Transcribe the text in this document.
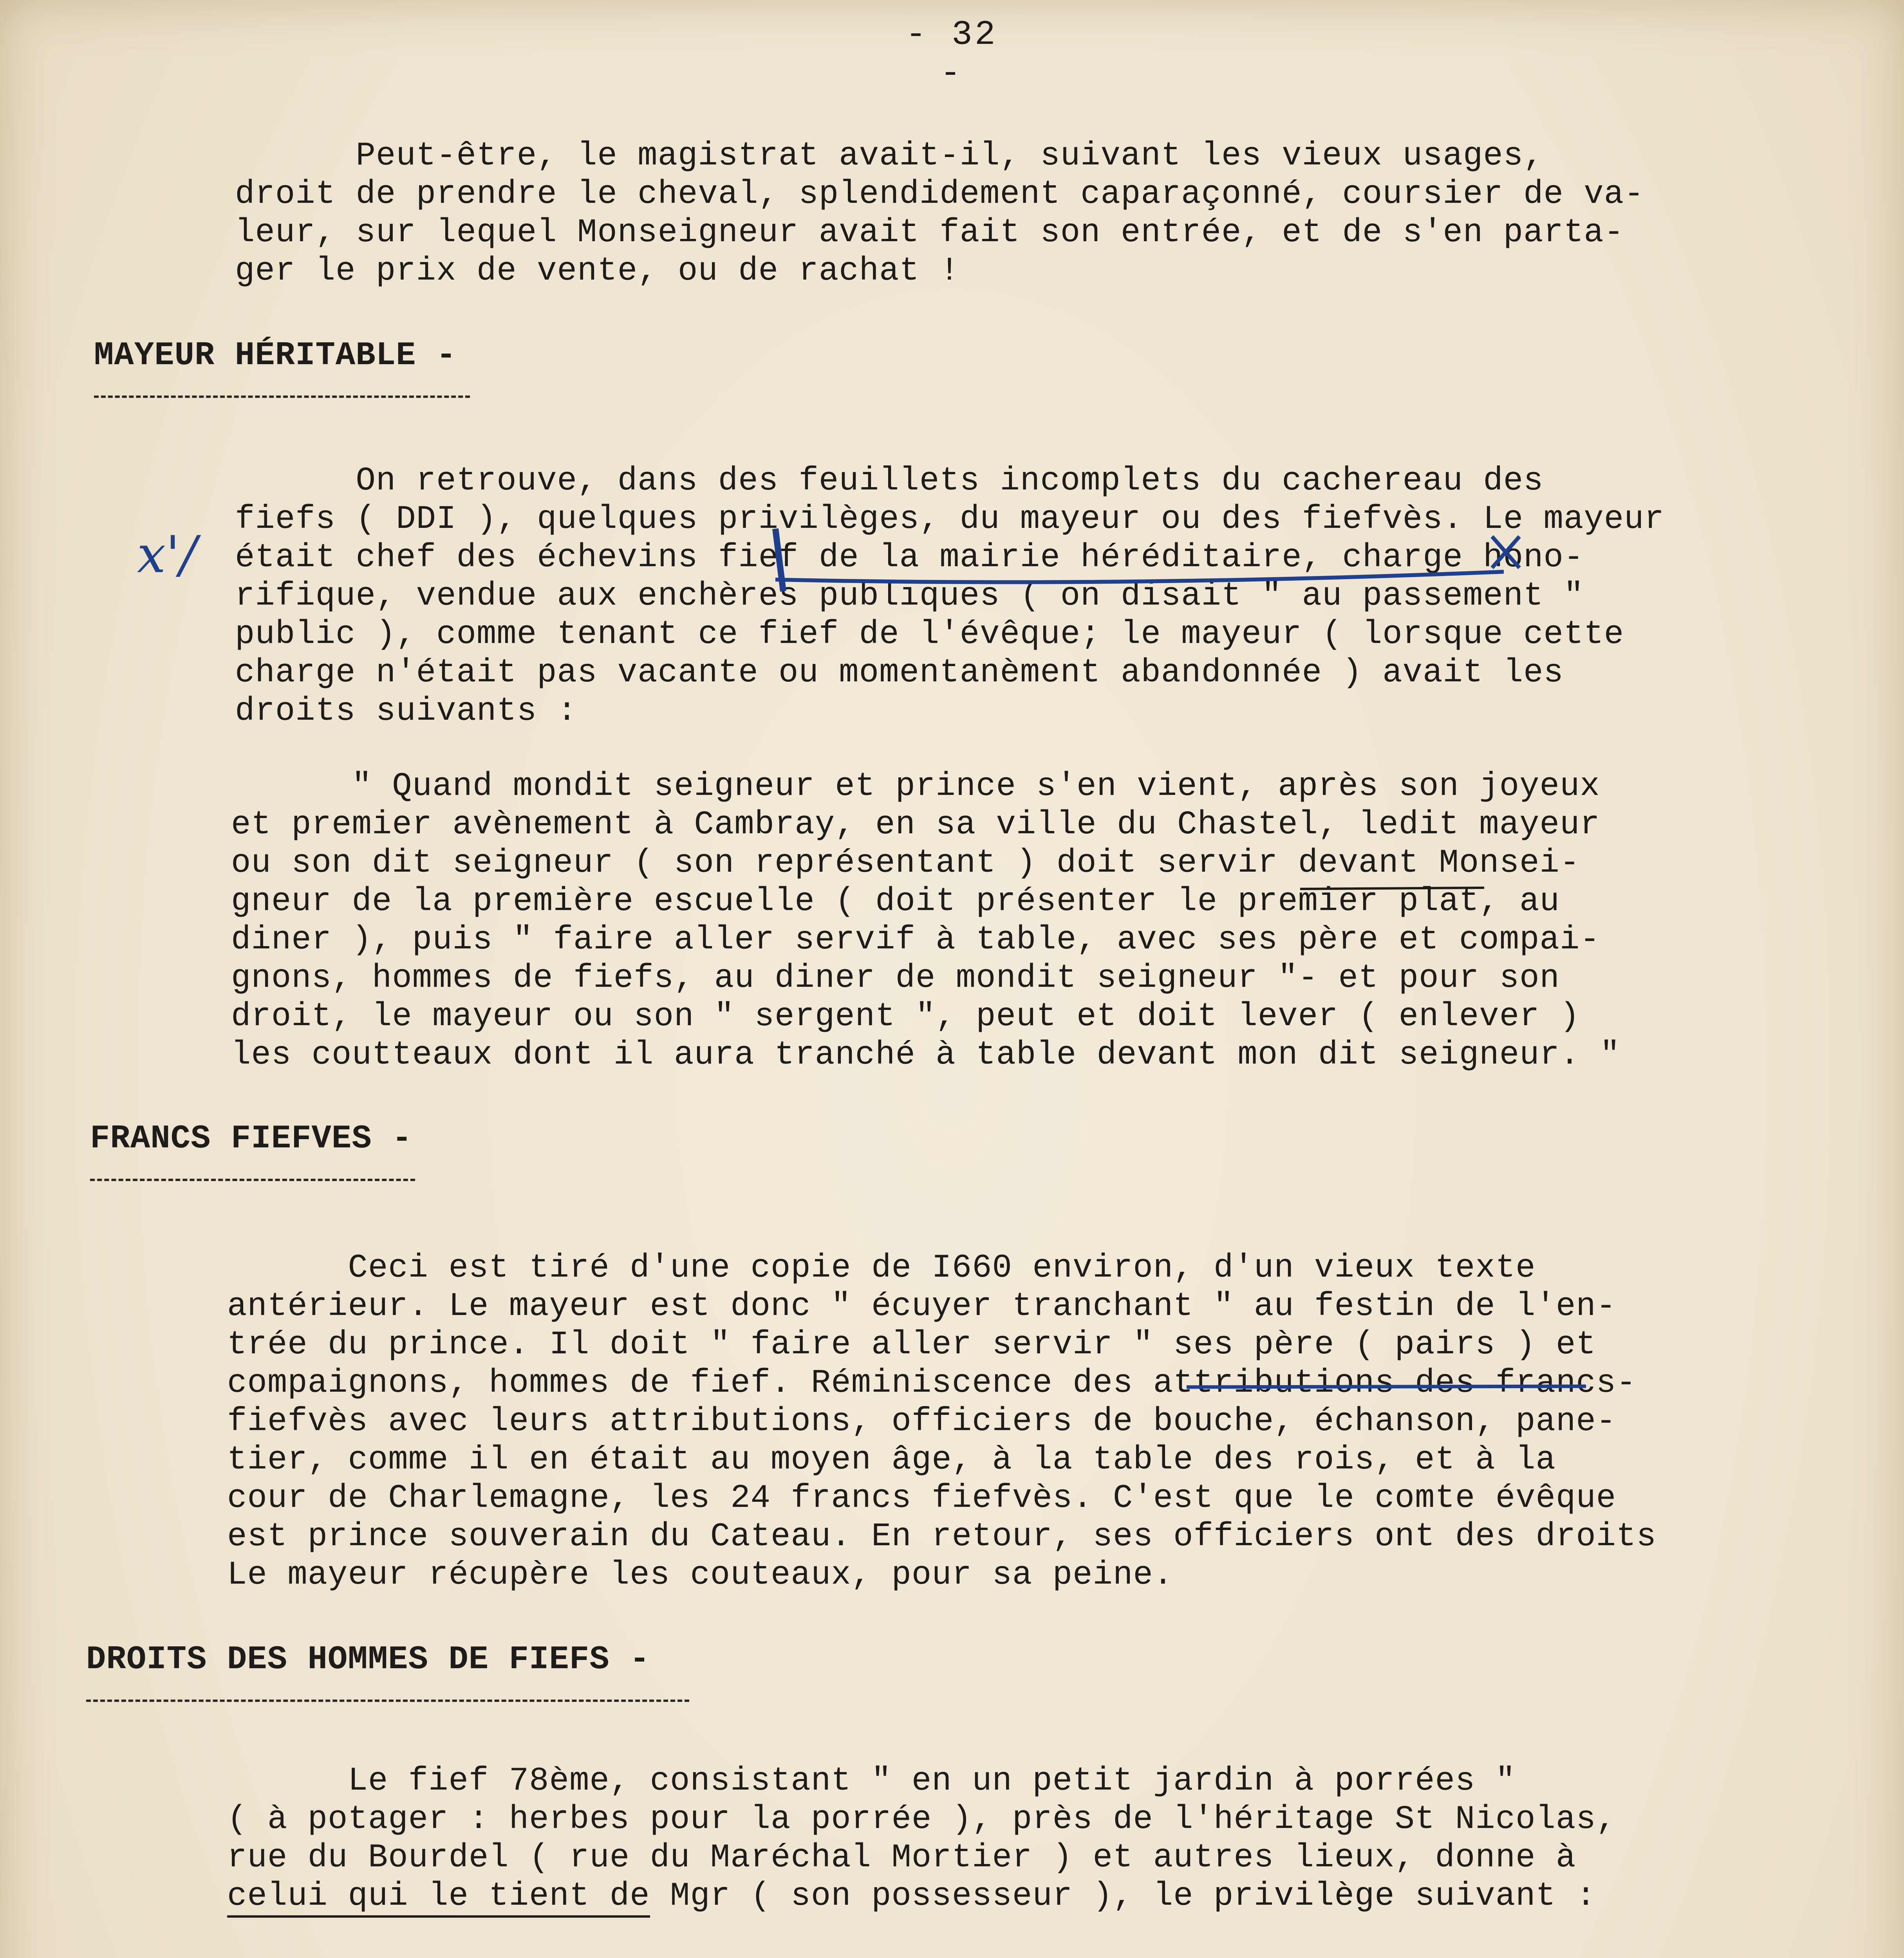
- 32 -

Peut-être, le magistrat avait-il, suivant les vieux usages,
droit de prendre le cheval, splendidement caparaçonné, coursier de va-
leur, sur lequel Monseigneur avait fait son entrée, et de s'en parta-
ger le prix de vente, ou de rachat !

MAYEUR HÉRITABLE -

x'/

On retrouve, dans des feuillets incomplets du cachereau des
fiefs ( DDI ), quelques privilèges, du mayeur ou des fiefvès. Le mayeur
était chef des échevins fief de la mairie héréditaire, charge hono-
rifique, vendue aux enchères publiques ( on disait " au passement "
public ), comme tenant ce fief de l'évêque; le mayeur ( lorsque cette
charge n'était pas vacante ou momentanèment abandonnée ) avait les
droits suivants :

" Quand mondit seigneur et prince s'en vient, après son joyeux
et premier avènement à Cambray, en sa ville du Chastel, ledit mayeur
ou son dit seigneur ( son représentant ) doit servir devant Monsei-
gneur de la première escuelle ( doit présenter le premier plat, au
diner ), puis " faire aller servif à table, avec ses père et compai-
gnons, hommes de fiefs, au diner de mondit seigneur "- et pour son
droit, le mayeur ou son " sergent ", peut et doit lever ( enlever )
les coutteaux dont il aura tranché à table devant mon dit seigneur. "

FRANCS FIEFVES -

Ceci est tiré d'une copie de I660 environ, d'un vieux texte
antérieur. Le mayeur est donc " écuyer tranchant " au festin de l'en-
trée du prince. Il doit " faire aller servir " ses père ( pairs ) et
compaignons, hommes de fief. Réminiscence des attributions des francs-
fiefvès avec leurs attributions, officiers de bouche, échanson, pane-
tier, comme il en était au moyen âge, à la table des rois, et à la
cour de Charlemagne, les 24 francs fiefvès. C'est que le comte évêque
est prince souverain du Cateau. En retour, ses officiers ont des droits
Le mayeur récupère les couteaux, pour sa peine.

DROITS DES HOMMES DE FIEFS -

Le fief 78ème, consistant " en un petit jardin à porrées "
( à potager : herbes pour la porrée ), près de l'héritage St Nicolas,
rue du Bourdel ( rue du Maréchal Mortier ) et autres lieux, donne à
celui qui le tient de Mgr ( son possesseur ), le privilège suivant :
